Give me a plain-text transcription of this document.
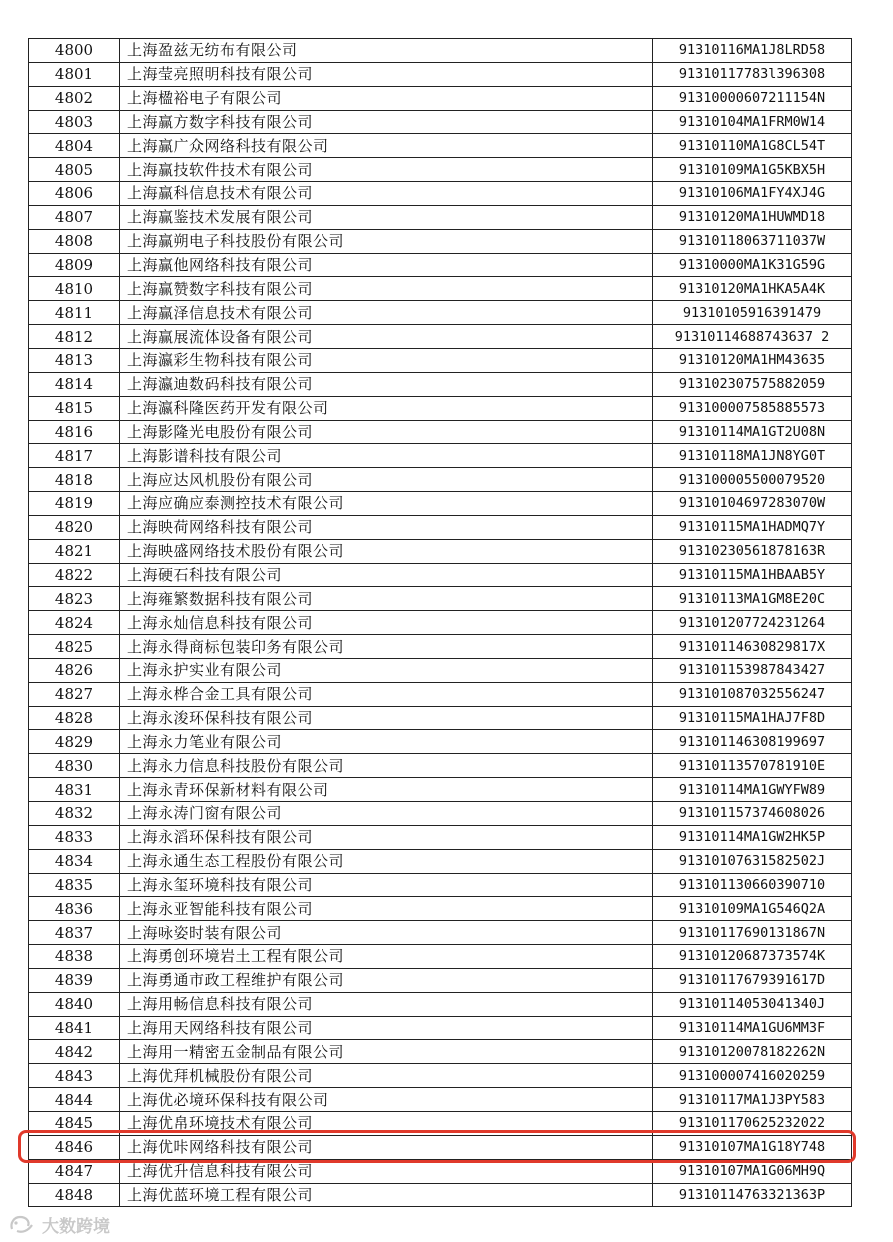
4800	上海盈兹无纺布有限公司	91310116MA1J8LRD58
4801	上海莹亮照明科技有限公司	91310117783l396308
4802	上海楹裕电子有限公司	91310000607211154N
4803	上海赢方数字科技有限公司	91310104MA1FRM0W14
4804	上海赢广众网络科技有限公司	91310110MA1G8CL54T
4805	上海赢技软件技术有限公司	91310109MA1G5KBX5H
4806	上海赢科信息技术有限公司	91310106MA1FY4XJ4G
4807	上海赢鉴技术发展有限公司	91310120MA1HUWMD18
4808	上海赢朔电子科技股份有限公司	91310118063711037W
4809	上海赢他网络科技有限公司	91310000MA1K31G59G
4810	上海赢赞数字科技有限公司	91310120MA1HKA5A4K
4811	上海赢泽信息技术有限公司	91310105916391479
4812	上海赢展流体设备有限公司	91310114688743637 2
4813	上海瀛彩生物科技有限公司	91310120MA1HM43635
4814	上海瀛迪数码科技有限公司	913102307575882059
4815	上海瀛科隆医药开发有限公司	913100007585885573
4816	上海影隆光电股份有限公司	91310114MA1GT2U08N
4817	上海影谱科技有限公司	91310118MA1JN8YG0T
4818	上海应达风机股份有限公司	913100005500079520
4819	上海应确应泰测控技术有限公司	91310104697283070W
4820	上海映荷网络科技有限公司	91310115MA1HADMQ7Y
4821	上海映盛网络技术股份有限公司	91310230561878163R
4822	上海硬石科技有限公司	91310115MA1HBAAB5Y
4823	上海雍繁数据科技有限公司	91310113MA1GM8E20C
4824	上海永灿信息科技有限公司	913101207724231264
4825	上海永得商标包装印务有限公司	91310114630829817X
4826	上海永护实业有限公司	913101153987843427
4827	上海永桦合金工具有限公司	913101087032556247
4828	上海永浚环保科技有限公司	91310115MA1HAJ7F8D
4829	上海永力笔业有限公司	913101146308199697
4830	上海永力信息科技股份有限公司	91310113570781910E
4831	上海永青环保新材料有限公司	91310114MA1GWYFW89
4832	上海永涛门窗有限公司	913101157374608026
4833	上海永滔环保科技有限公司	91310114MA1GW2HK5P
4834	上海永通生态工程股份有限公司	91310107631582502J
4835	上海永玺环境科技有限公司	913101130660390710
4836	上海永亚智能科技有限公司	91310109MA1G546Q2A
4837	上海咏姿时装有限公司	91310117690131867N
4838	上海勇创环境岩土工程有限公司	91310120687373574K
4839	上海勇通市政工程维护有限公司	91310117679391617D
4840	上海用畅信息科技有限公司	91310114053041340J
4841	上海用天网络科技有限公司	91310114MA1GU6MM3F
4842	上海用一精密五金制品有限公司	91310120078182262N
4843	上海优拜机械股份有限公司	913100007416020259
4844	上海优必境环保科技有限公司	91310117MA1J3PY583
4845	上海优帛环境技术有限公司	913101170625232022
4846	上海优咔网络科技有限公司	91310107MA1G18Y748
4847	上海优升信息科技有限公司	91310107MA1G06MH9Q
4848	上海优蓝环境工程有限公司	91310114763321363P
大数跨境
